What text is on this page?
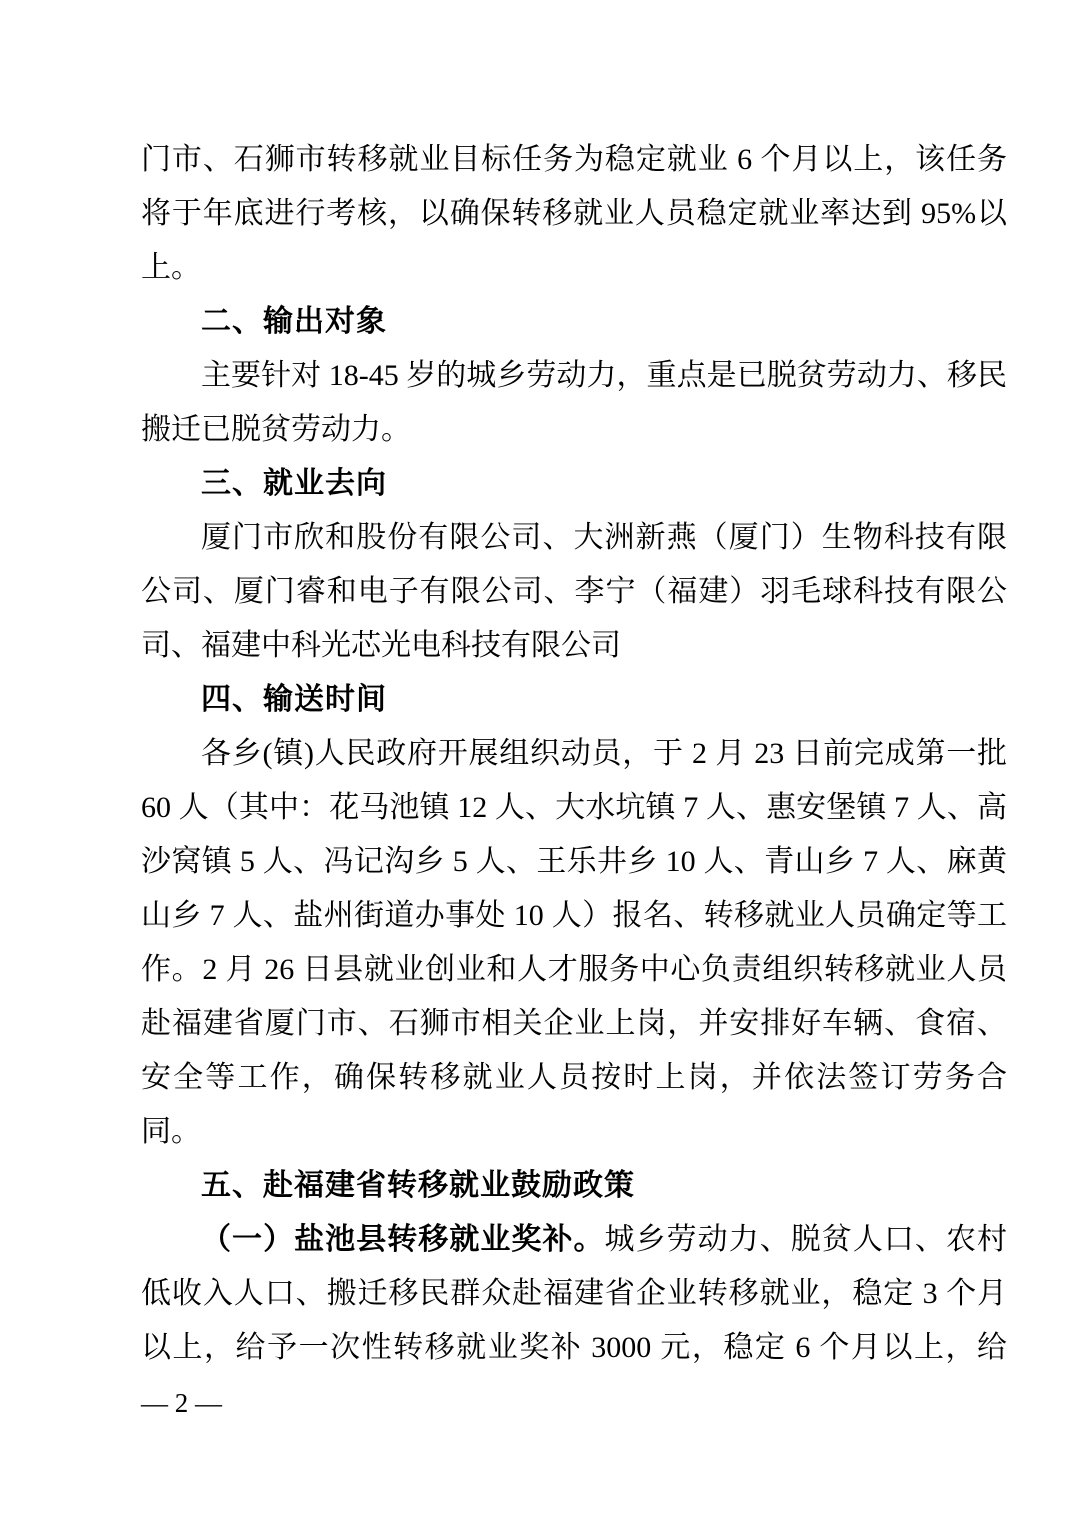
门市、石狮市转移就业目标任务为稳定就业 6 个月以上，该任务将于年底进行考核，以确保转移就业人员稳定就业率达到 95%以上。

二、输出对象

主要针对 18-45 岁的城乡劳动力，重点是已脱贫劳动力、移民搬迁已脱贫劳动力。

三、就业去向

厦门市欣和股份有限公司、大洲新燕（厦门）生物科技有限公司、厦门睿和电子有限公司、李宁（福建）羽毛球科技有限公司、福建中科光芯光电科技有限公司

四、输送时间

各乡(镇)人民政府开展组织动员，于 2 月 23 日前完成第一批 60 人（其中：花马池镇 12 人、大水坑镇 7 人、惠安堡镇 7 人、高沙窝镇 5 人、冯记沟乡 5 人、王乐井乡 10 人、青山乡 7 人、麻黄山乡 7 人、盐州街道办事处 10 人）报名、转移就业人员确定等工作。2 月 26 日县就业创业和人才服务中心负责组织转移就业人员赴福建省厦门市、石狮市相关企业上岗，并安排好车辆、食宿、安全等工作，确保转移就业人员按时上岗，并依法签订劳务合同。

五、赴福建省转移就业鼓励政策

（一）盐池县转移就业奖补。城乡劳动力、脱贫人口、农村低收入人口、搬迁移民群众赴福建省企业转移就业，稳定 3 个月以上，给予一次性转移就业奖补 3000 元，稳定 6 个月以上，给

— 2 —
